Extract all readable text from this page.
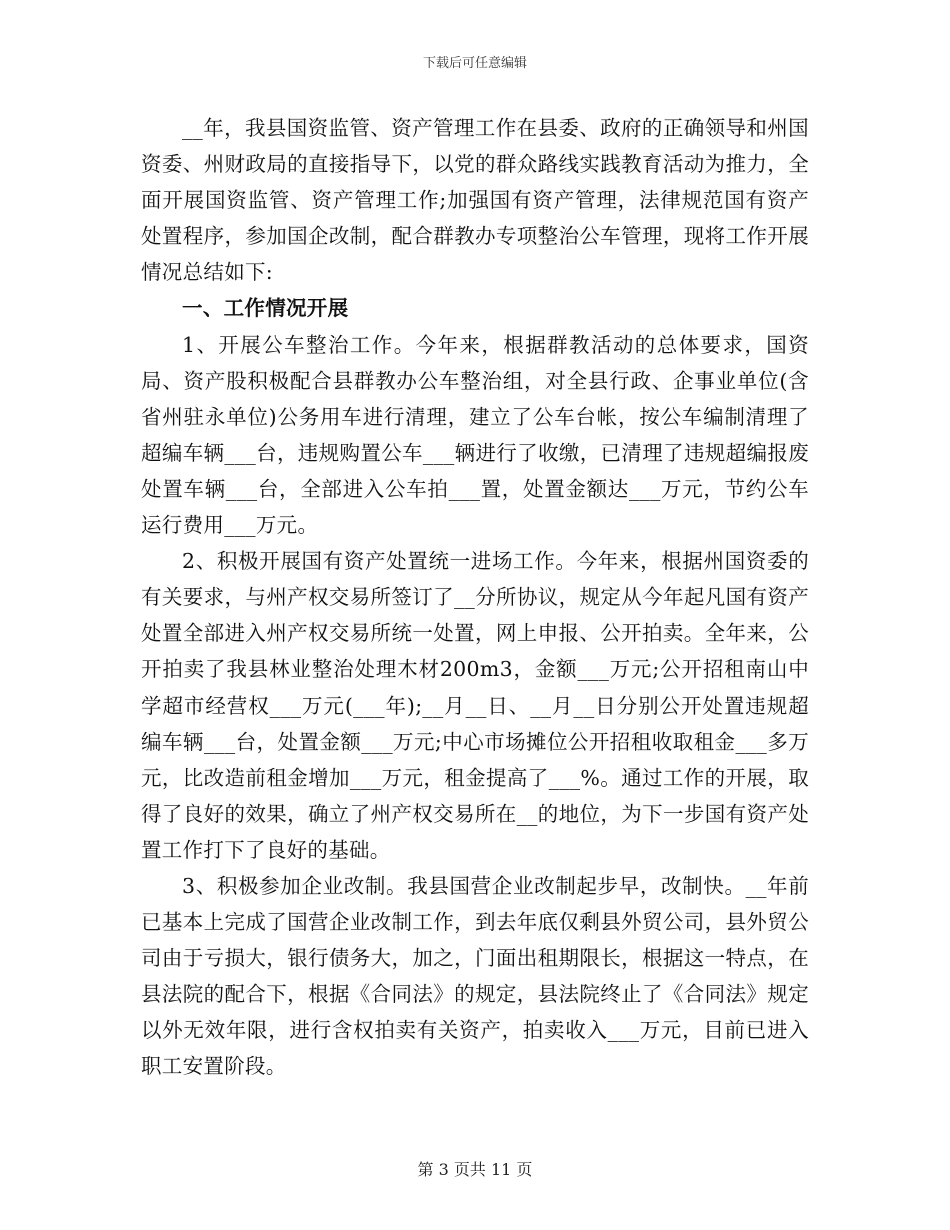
下载后可任意编辑

__年，我县国资监管、资产管理工作在县委、政府的正确领导和州国资委、州财政局的直接指导下，以党的群众路线实践教育活动为推力，全面开展国资监管、资产管理工作;加强国有资产管理，法律规范国有资产处置程序，参加国企改制，配合群教办专项整治公车管理，现将工作开展情况总结如下:

一、工作情况开展

1、开展公车整治工作。今年来，根据群教活动的总体要求，国资局、资产股积极配合县群教办公车整治组，对全县行政、企事业单位(含省州驻永单位)公务用车进行清理，建立了公车台帐，按公车编制清理了超编车辆___台，违规购置公车___辆进行了收缴，已清理了违规超编报废处置车辆___台，全部进入公车拍___置，处置金额达___万元，节约公车运行费用___万元。

2、积极开展国有资产处置统一进场工作。今年来，根据州国资委的有关要求，与州产权交易所签订了__分所协议，规定从今年起凡国有资产处置全部进入州产权交易所统一处置，网上申报、公开拍卖。全年来，公开拍卖了我县林业整治处理木材200m3，金额___万元;公开招租南山中学超市经营权___万元(___年);__月__日、__月__日分别公开处置违规超编车辆___台，处置金额___万元;中心市场摊位公开招租收取租金___多万元，比改造前租金增加___万元，租金提高了___%。通过工作的开展，取得了良好的效果，确立了州产权交易所在__的地位，为下一步国有资产处置工作打下了良好的基础。

3、积极参加企业改制。我县国营企业改制起步早，改制快。__年前已基本上完成了国营企业改制工作，到去年底仅剩县外贸公司，县外贸公司由于亏损大，银行债务大，加之，门面出租期限长，根据这一特点，在县法院的配合下，根据《合同法》的规定，县法院终止了《合同法》规定以外无效年限，进行含权拍卖有关资产，拍卖收入___万元，目前已进入职工安置阶段。

第 3 页共 11 页
